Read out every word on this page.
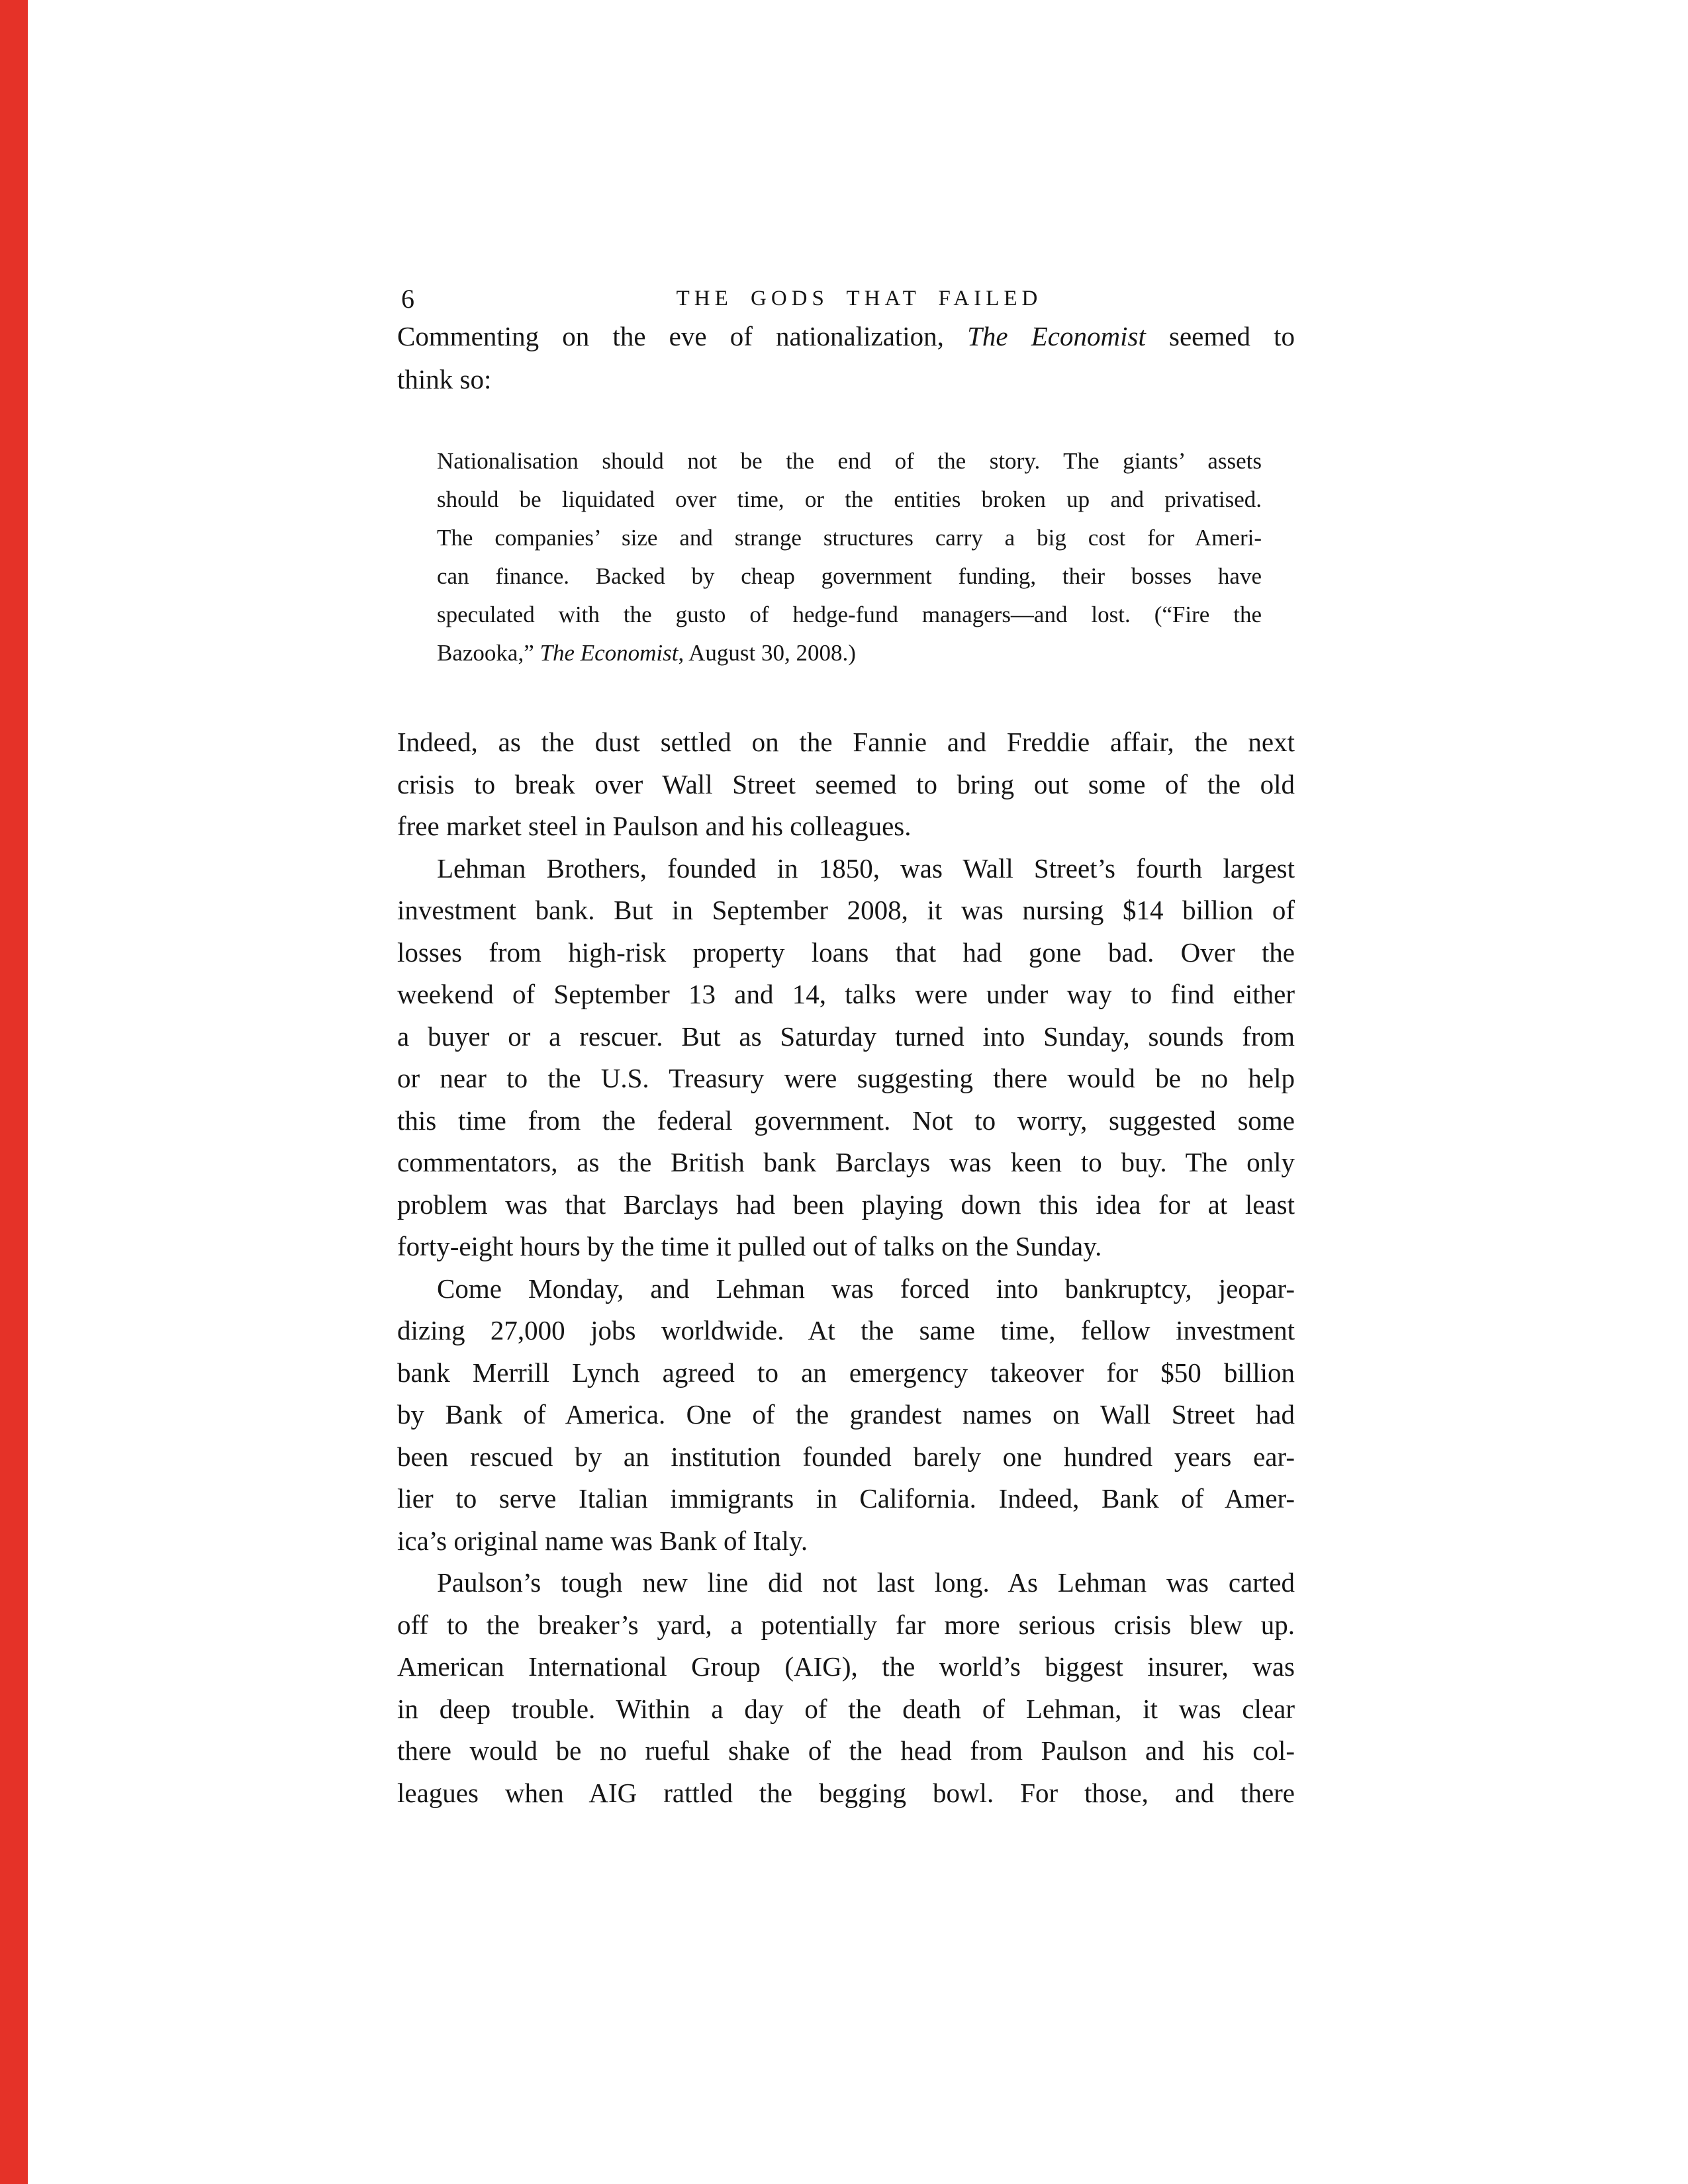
6	THE GODS THAT FAILED
Commenting on the eve of nationalization, The Economist seemed to
think so:
Nationalisation should not be the end of the story. The giants’ assets
should be liquidated over time, or the entities broken up and privatised.
The companies’ size and strange structures carry a big cost for Ameri-
can finance. Backed by cheap government funding, their bosses have
speculated with the gusto of hedge-fund managers—and lost. (“Fire the
Bazooka,” The Economist, August 30, 2008.)
Indeed, as the dust settled on the Fannie and Freddie affair, the next
crisis to break over Wall Street seemed to bring out some of the old
free market steel in Paulson and his colleagues.
Lehman Brothers, founded in 1850, was Wall Street’s fourth largest
investment bank. But in September 2008, it was nursing $14 billion of
losses from high-risk property loans that had gone bad. Over the
weekend of September 13 and 14, talks were under way to find either
a buyer or a rescuer. But as Saturday turned into Sunday, sounds from
or near to the U.S. Treasury were suggesting there would be no help
this time from the federal government. Not to worry, suggested some
commentators, as the British bank Barclays was keen to buy. The only
problem was that Barclays had been playing down this idea for at least
forty-eight hours by the time it pulled out of talks on the Sunday.
Come Monday, and Lehman was forced into bankruptcy, jeopar-
dizing 27,000 jobs worldwide. At the same time, fellow investment
bank Merrill Lynch agreed to an emergency takeover for $50 billion
by Bank of America. One of the grandest names on Wall Street had
been rescued by an institution founded barely one hundred years ear-
lier to serve Italian immigrants in California. Indeed, Bank of Amer-
ica’s original name was Bank of Italy.
Paulson’s tough new line did not last long. As Lehman was carted
off to the breaker’s yard, a potentially far more serious crisis blew up.
American International Group (AIG), the world’s biggest insurer, was
in deep trouble. Within a day of the death of Lehman, it was clear
there would be no rueful shake of the head from Paulson and his col-
leagues when AIG rattled the begging bowl. For those, and there
